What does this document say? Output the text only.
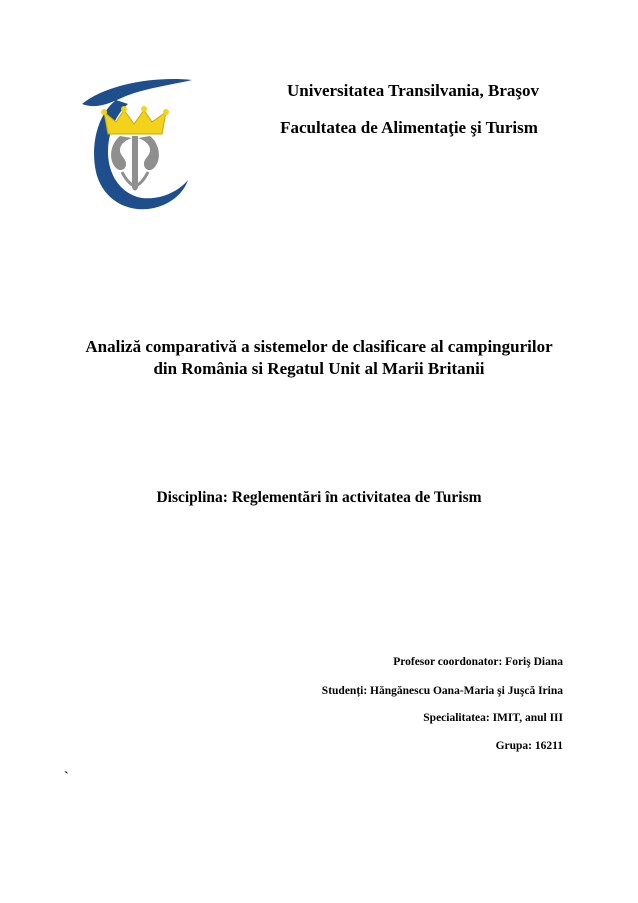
Universitatea Transilvania, Braşov
Facultatea de Alimentaţie şi Turism
Analiză comparativă a sistemelor de clasificare al campingurilor
din România si Regatul Unit al Marii Britanii
Disciplina: Reglementări în activitatea de Turism
Profesor coordonator: Foriş Diana
Studenți: Hăngănescu Oana-Maria şi Juşcă Irina
Specialitatea: IMIT, anul III
Grupa: 16211
`
